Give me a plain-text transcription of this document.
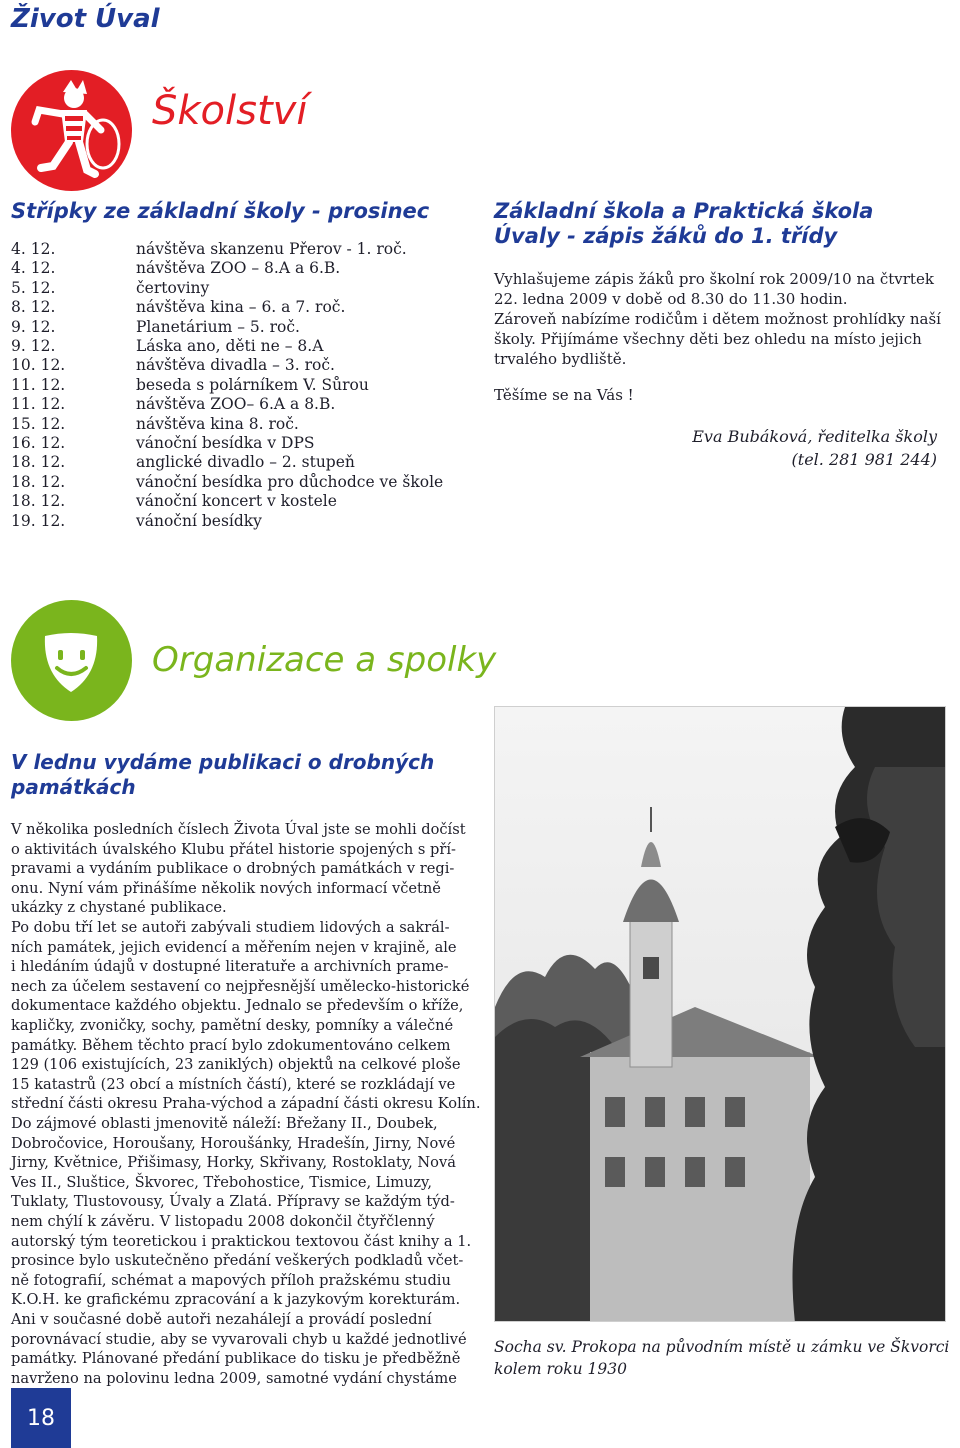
Život Úval
Školství
Střípky ze základní školy - prosinec
4. 12.	návštěva skanzenu Přerov - 1. roč.
4. 12.	návštěva ZOO – 8.A a 6.B.
5. 12.	čertoviny
8. 12.	návštěva kina – 6. a 7. roč.
9. 12.	Planetárium – 5. roč.
9. 12.	Láska ano, děti ne – 8.A
10. 12.	návštěva divadla – 3. roč.
11. 12.	beseda s polárníkem V. Sůrou
11. 12.	návštěva ZOO– 6.A a 8.B.
15. 12.	návštěva kina 8. roč.
16. 12.	vánoční besídka v DPS
18. 12.	anglické divadlo – 2. stupeň
18. 12.	vánoční besídka pro důchodce ve škole
18. 12.	vánoční koncert v kostele
19. 12.	vánoční besídky
Základní škola a Praktická škola Úvaly - zápis žáků do 1. třídy
Vyhlašujeme zápis žáků pro školní rok 2009/10 na čtvrtek
22. ledna 2009 v době od 8.30 do 11.30 hodin.
Zároveň nabízíme rodičům i dětem možnost prohlídky naší
školy. Přijímáme všechny děti bez ohledu na místo jejich
trvalého bydliště.
Těšíme se na Vás !
Eva Bubáková, ředitelka školy
(tel. 281 981 244)
Organizace a spolky
V lednu vydáme publikaci o drobných památkách
V několika posledních číslech Života Úval jste se mohli dočíst
o aktivitách úvalského Klubu přátel historie spojených s pří-
pravami a vydáním publikace o drobných památkách v regi-
onu. Nyní vám přinášíme několik nových informací včetně
ukázky z chystané publikace.
Po dobu tří let se autoři zabývali studiem lidových a sakrál-
ních památek, jejich evidencí a měřením nejen v krajině, ale
i hledáním údajů v dostupné literatuře a archivních prame-
nech za účelem sestavení co nejpřesnější umělecko-historické
dokumentace každého objektu. Jednalo se především o kříže,
kapličky, zvoničky, sochy, pamětní desky, pomníky a válečné
památky. Během těchto prací bylo zdokumentováno celkem
129 (106 existujících, 23 zaniklých) objektů na celkové ploše
15 katastrů (23 obcí a místních částí), které se rozkládají ve
střední části okresu Praha-východ a západní části okresu Kolín.
Do zájmové oblasti jmenovitě náleží: Břežany II., Doubek,
Dobročovice, Horoušany, Horoušánky, Hradešín, Jirny, Nové
Jirny, Květnice, Přišimasy, Horky, Skřivany, Rostoklaty, Nová
Ves II., Sluštice, Škvorec, Třebohostice, Tismice, Limuzy,
Tuklaty, Tlustovousy, Úvaly a Zlatá. Přípravy se každým týd-
nem chýlí k závěru. V listopadu 2008 dokončil čtyřčlenný
autorský tým teoretickou i praktickou textovou část knihy a 1.
prosince bylo uskutečněno předání veškerých podkladů včet-
ně fotografií, schémat a mapových příloh pražskému studiu
K.O.H. ke grafickému zpracování a k jazykovým korekturám.
Ani v současné době autoři nezahálejí a provádí poslední
porovnávací studie, aby se vyvarovali chyb u každé jednotlivé
památky. Plánované předání publikace do tisku je předběžně
navrženo na polovinu ledna 2009, samotné vydání chystáme
Socha sv. Prokopa na původním místě u zámku ve Škvorci kolem roku 1930
18
